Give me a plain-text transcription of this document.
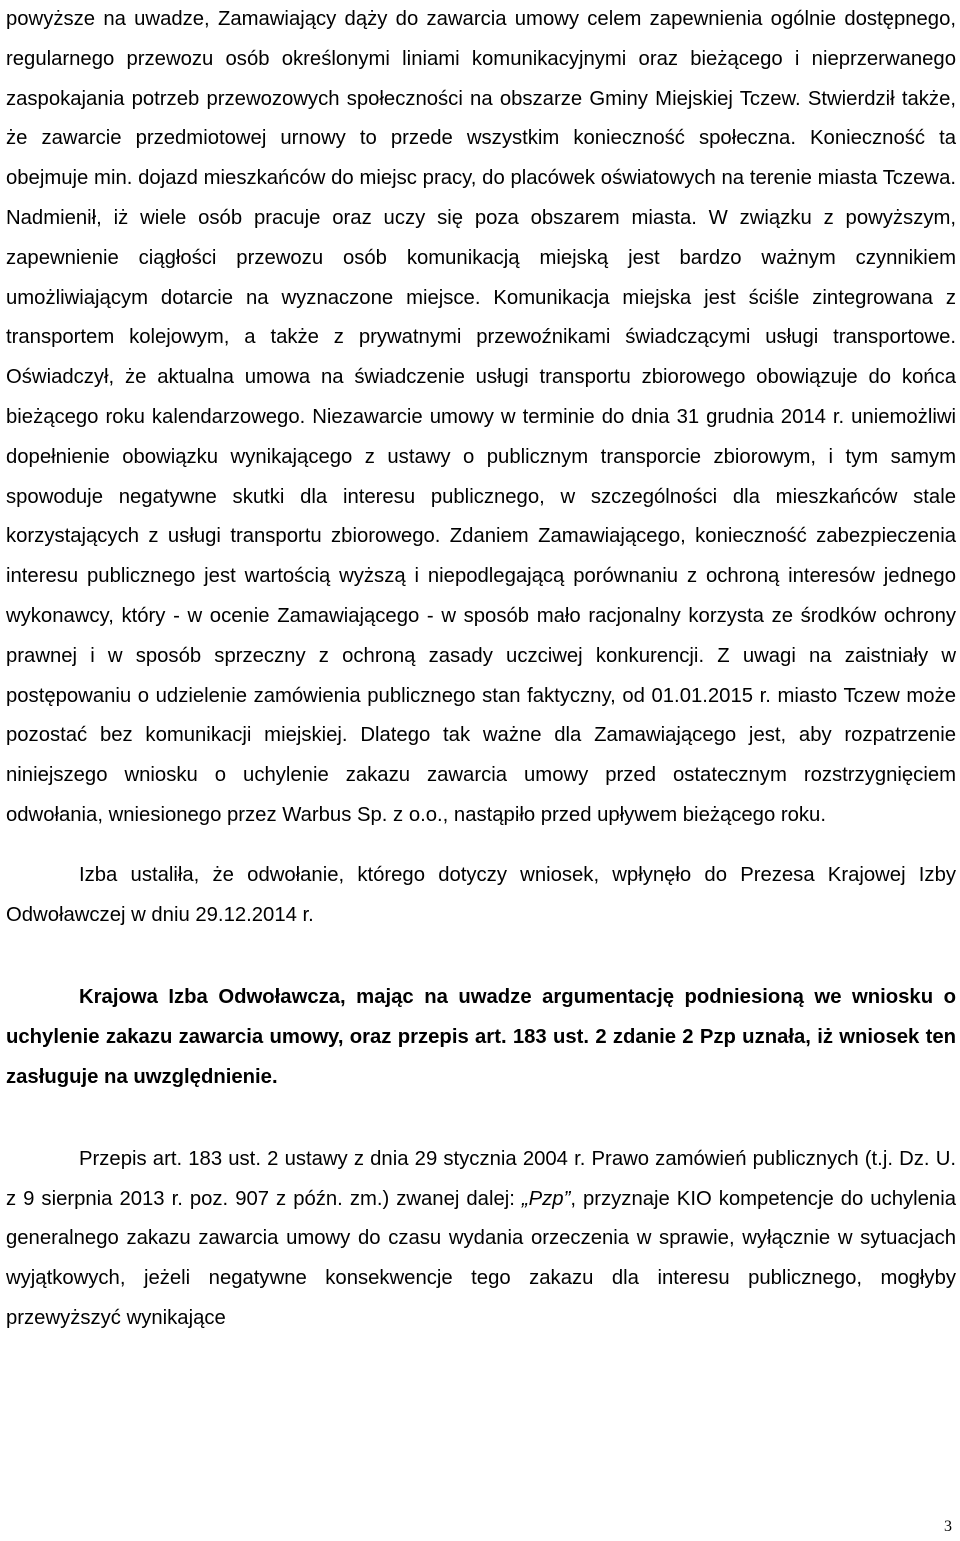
powyższe na uwadze, Zamawiający dąży do zawarcia umowy celem zapewnienia ogólnie dostępnego, regularnego przewozu osób określonymi liniami komunikacyjnymi oraz bieżącego i nieprzerwanego zaspokajania potrzeb przewozowych społeczności na obszarze Gminy Miejskiej Tczew. Stwierdził także, że zawarcie przedmiotowej urnowy to przede wszystkim konieczność społeczna. Konieczność ta obejmuje min. dojazd mieszkańców do miejsc pracy, do placówek oświatowych na terenie miasta Tczewa. Nadmienił, iż wiele osób pracuje oraz uczy się poza obszarem miasta. W związku z powyższym, zapewnienie ciągłości przewozu osób komunikacją miejską jest bardzo ważnym czynnikiem umożliwiającym dotarcie na wyznaczone miejsce. Komunikacja miejska jest ściśle zintegrowana z transportem kolejowym, a także z prywatnymi przewoźnikami świadczącymi usługi transportowe. Oświadczył, że aktualna umowa na świadczenie usługi transportu zbiorowego obowiązuje do końca bieżącego roku kalendarzowego. Niezawarcie umowy w terminie do dnia 31 grudnia 2014 r. uniemożliwi dopełnienie obowiązku wynikającego z ustawy o publicznym transporcie zbiorowym, i tym samym spowoduje negatywne skutki dla interesu publicznego, w szczególności dla mieszkańców stale korzystających z usługi transportu zbiorowego. Zdaniem Zamawiającego, konieczność zabezpieczenia interesu publicznego jest wartością wyższą i niepodlegającą porównaniu z ochroną interesów jednego wykonawcy, który - w ocenie Zamawiającego - w sposób mało racjonalny korzysta ze środków ochrony prawnej i w sposób sprzeczny z ochroną zasady uczciwej konkurencji. Z uwagi na zaistniały w postępowaniu o udzielenie zamówienia publicznego stan faktyczny, od 01.01.2015 r. miasto Tczew może pozostać bez komunikacji miejskiej. Dlatego tak ważne dla Zamawiającego jest, aby rozpatrzenie niniejszego wniosku o uchylenie zakazu zawarcia umowy przed ostatecznym rozstrzygnięciem odwołania, wniesionego przez Warbus Sp. z o.o., nastąpiło przed upływem bieżącego roku.

Izba ustaliła, że odwołanie, którego dotyczy wniosek, wpłynęło do Prezesa Krajowej Izby Odwoławczej w dniu 29.12.2014 r.

Krajowa Izba Odwoławcza, mając na uwadze argumentację podniesioną we wniosku o uchylenie zakazu zawarcia umowy, oraz przepis art. 183 ust. 2 zdanie 2 Pzp uznała, iż wniosek ten zasługuje na uwzględnienie.

Przepis art. 183 ust. 2 ustawy z dnia 29 stycznia 2004 r. Prawo zamówień publicznych (t.j. Dz. U. z 9 sierpnia 2013 r. poz. 907 z późn. zm.) zwanej dalej: „Pzp”, przyznaje KIO kompetencje do uchylenia generalnego zakazu zawarcia umowy do czasu wydania orzeczenia w sprawie, wyłącznie w sytuacjach wyjątkowych, jeżeli negatywne konsekwencje tego zakazu dla interesu publicznego, mogłyby przewyższyć wynikające

3
